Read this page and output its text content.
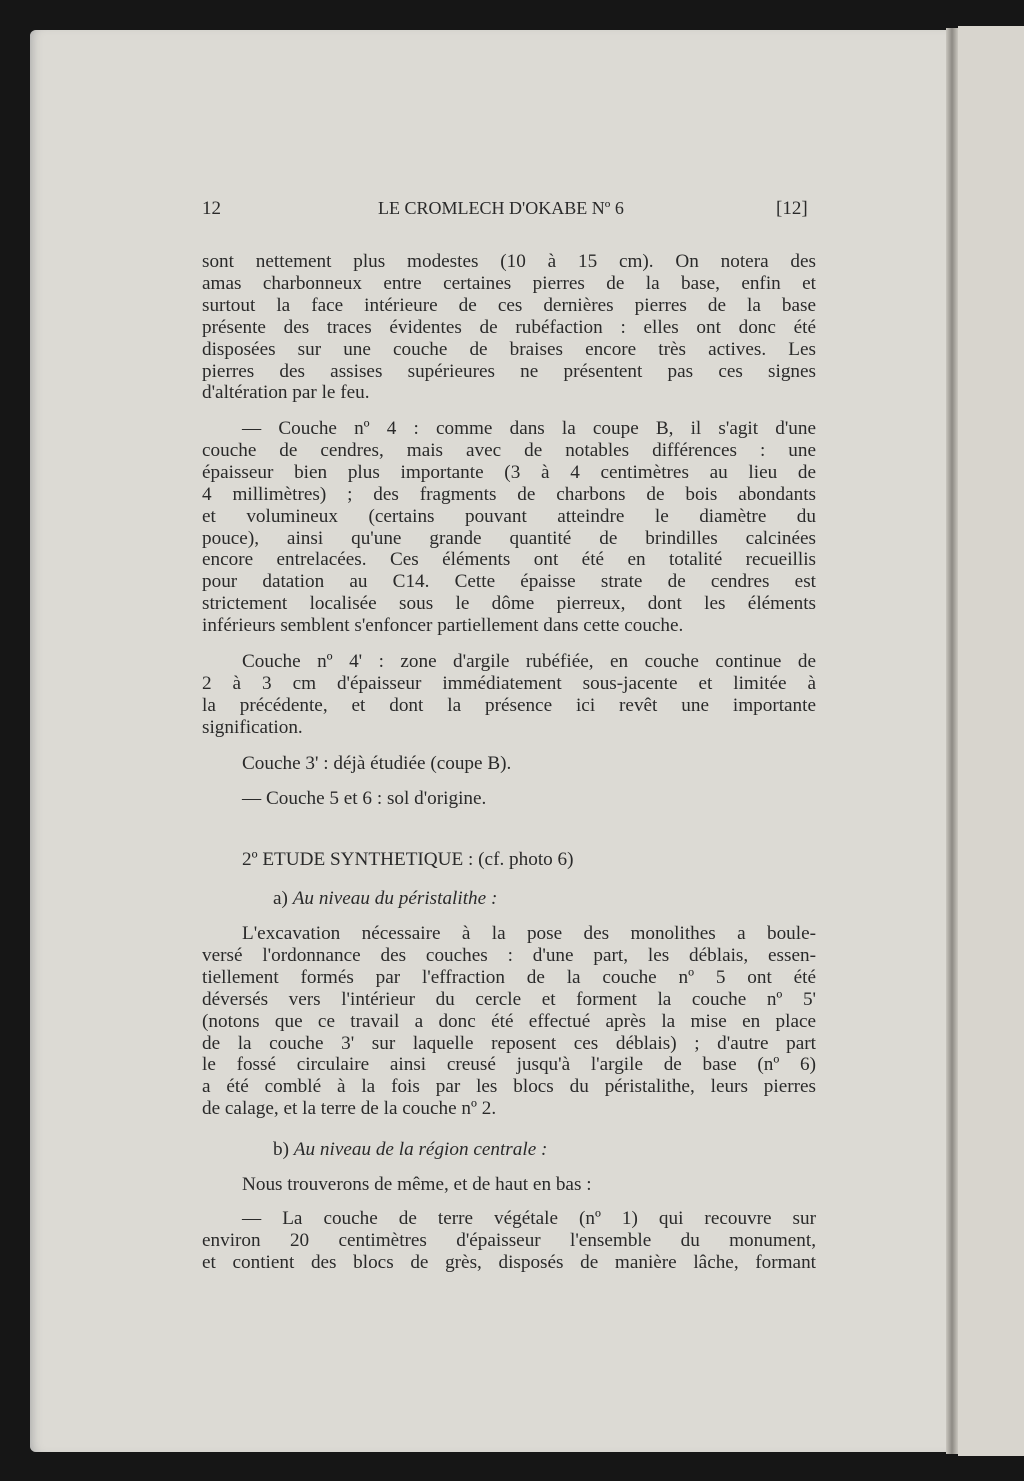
12	LE CROMLECH D'OKABE Nº 6	[12]
sont nettement plus modestes (10 à 15 cm). On notera des
amas charbonneux entre certaines pierres de la base, enfin et
surtout la face intérieure de ces dernières pierres de la base
présente des traces évidentes de rubéfaction : elles ont donc été
disposées sur une couche de braises encore très actives. Les
pierres des assises supérieures ne présentent pas ces signes
d'altération par le feu.
— Couche nº 4 : comme dans la coupe B, il s'agit d'une
couche de cendres, mais avec de notables différences : une
épaisseur bien plus importante (3 à 4 centimètres au lieu de
4 millimètres) ; des fragments de charbons de bois abondants
et volumineux (certains pouvant atteindre le diamètre du
pouce), ainsi qu'une grande quantité de brindilles calcinées
encore entrelacées. Ces éléments ont été en totalité recueillis
pour datation au C14. Cette épaisse strate de cendres est
strictement localisée sous le dôme pierreux, dont les éléments
inférieurs semblent s'enfoncer partiellement dans cette couche.
Couche nº 4' : zone d'argile rubéfiée, en couche continue de
2 à 3 cm d'épaisseur immédiatement sous-jacente et limitée à
la précédente, et dont la présence ici revêt une importante
signification.
Couche 3' : déjà étudiée (coupe B).
— Couche 5 et 6 : sol d'origine.
2º ETUDE SYNTHETIQUE : (cf. photo 6)
a) Au niveau du péristalithe :
L'excavation nécessaire à la pose des monolithes a boule-
versé l'ordonnance des couches : d'une part, les déblais, essen-
tiellement formés par l'effraction de la couche nº 5 ont été
déversés vers l'intérieur du cercle et forment la couche nº 5'
(notons que ce travail a donc été effectué après la mise en place
de la couche 3' sur laquelle reposent ces déblais) ; d'autre part
le fossé circulaire ainsi creusé jusqu'à l'argile de base (nº 6)
a été comblé à la fois par les blocs du péristalithe, leurs pierres
de calage, et la terre de la couche nº 2.
b) Au niveau de la région centrale :
Nous trouverons de même, et de haut en bas :
— La couche de terre végétale (nº 1) qui recouvre sur
environ 20 centimètres d'épaisseur l'ensemble du monument,
et contient des blocs de grès, disposés de manière lâche, formant
